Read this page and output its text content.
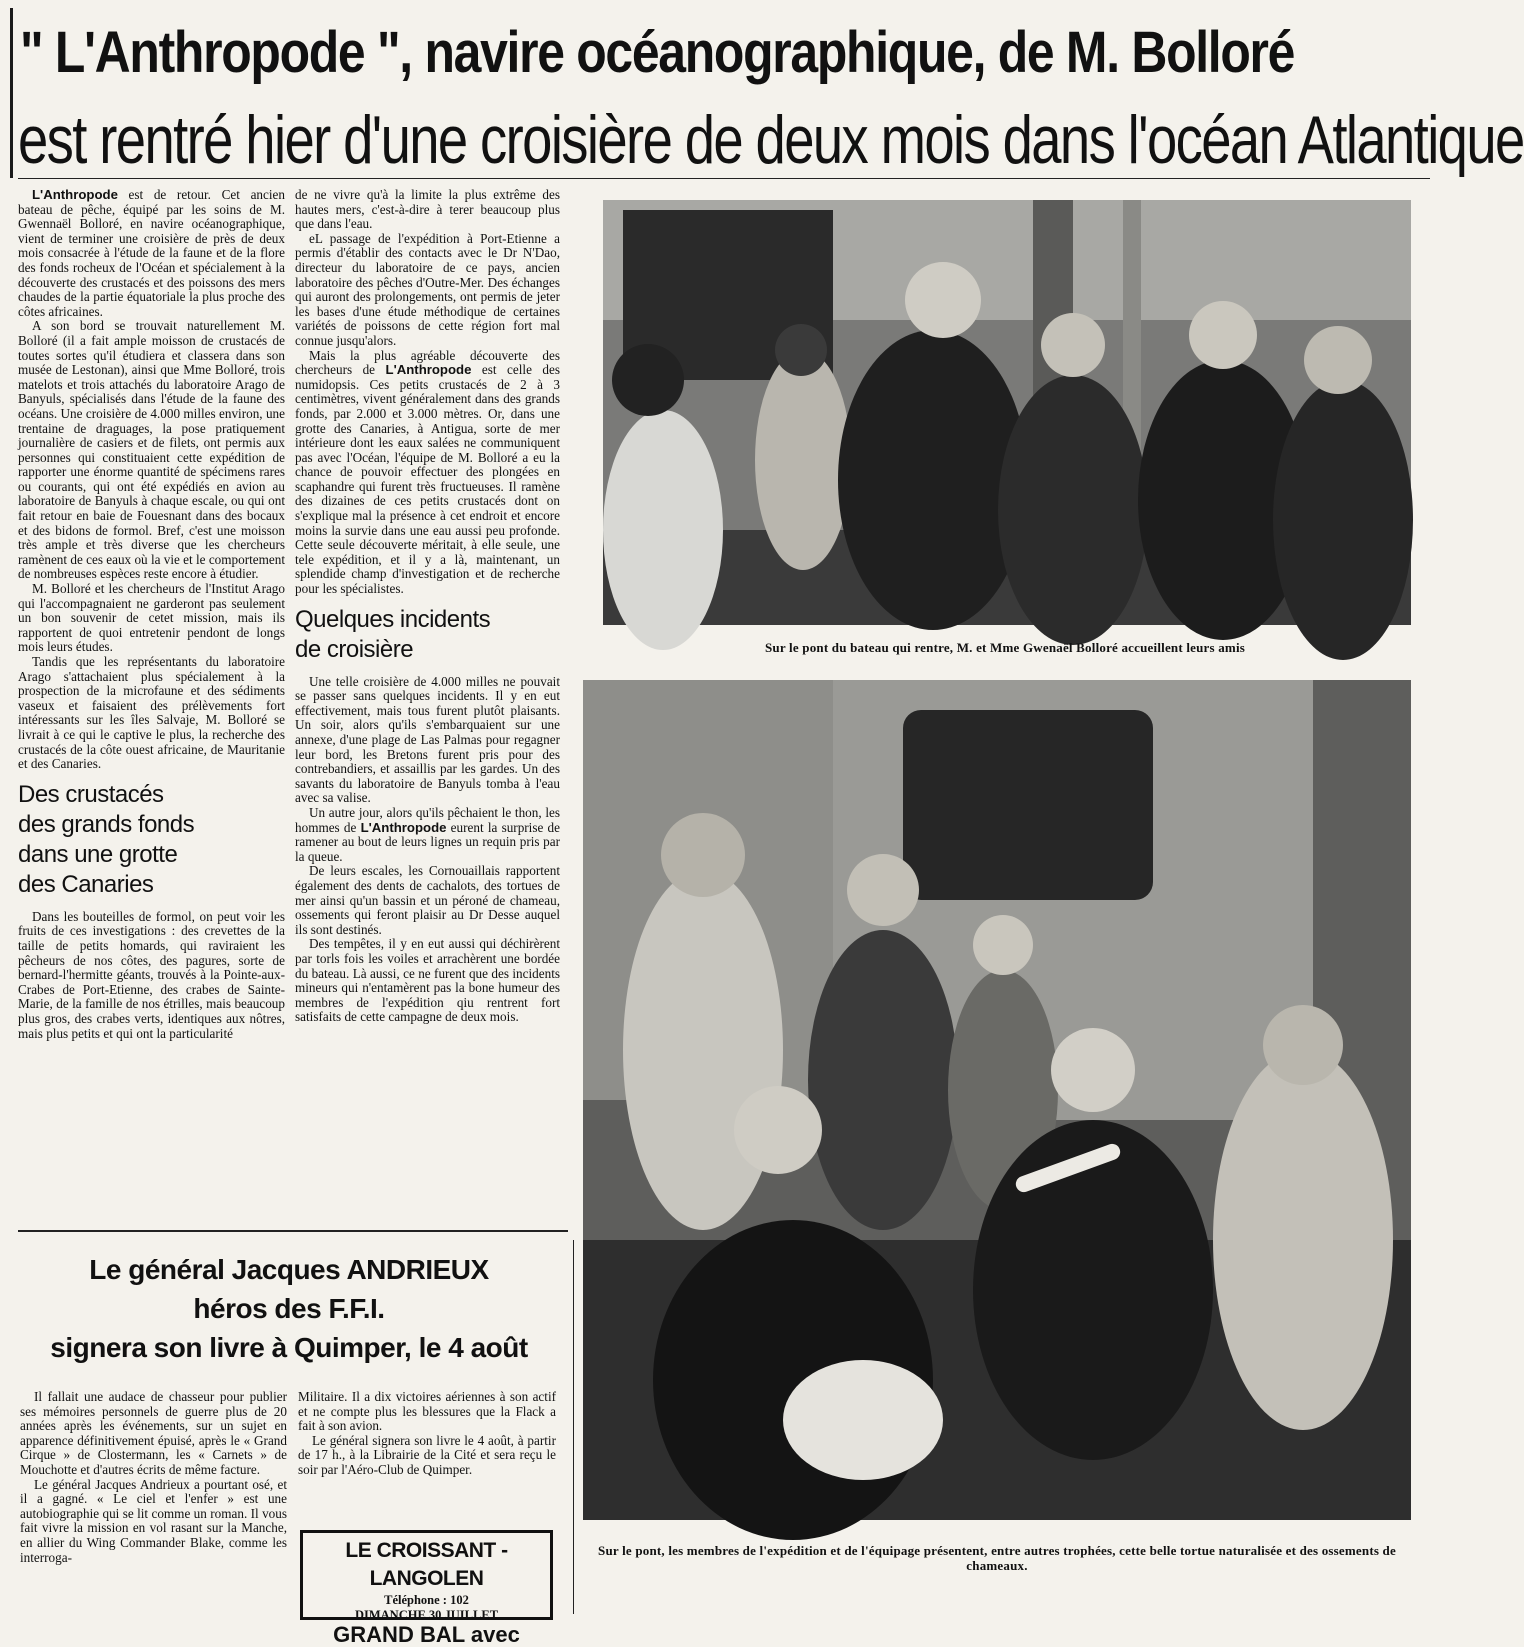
" L'Anthropode ", navire océanographique, de M. Bolloré
est rentré hier d'une croisière de deux mois dans l'océan Atlantique

L'Anthropode est de retour. Cet ancien bateau de pêche, équipé par les soins de M. Gwennaël Bolloré, en navire océanographique, vient de terminer une croisière de près de deux mois consacrée à l'étude de la faune et de la flore des fonds rocheux de l'Océan et spécialement à la découverte des crustacés et des poissons des mers chaudes de la partie équatoriale la plus proche des côtes africaines.

A son bord se trouvait naturellement M. Bolloré (il a fait ample moisson de crustacés de toutes sortes qu'il étudiera et classera dans son musée de Lestonan), ainsi que Mme Bolloré, trois matelots et trois attachés du laboratoire Arago de Banyuls, spécialisés dans l'étude de la faune des océans. Une croisière de 4.000 milles environ, une trentaine de draguages, la pose pratiquement journalière de casiers et de filets, ont permis aux personnes qui constituaient cette expédition de rapporter une énorme quantité de spécimens rares ou courants, qui ont été expédiés en avion au laboratoire de Banyuls à chaque escale, ou qui ont fait retour en baie de Fouesnant dans des bocaux et des bidons de formol. Bref, c'est une moisson très ample et très diverse que les chercheurs ramènent de ces eaux où la vie et le comportement de nombreuses espèces reste encore à étudier.

M. Bolloré et les chercheurs de l'Institut Arago qui l'accompagnaient ne garderont pas seulement un bon souvenir de cetet mission, mais ils rapportent de quoi entretenir pendont de longs mois leurs études.

Tandis que les représentants du laboratoire Arago s'attachaient plus spécialement à la prospection de la microfaune et des sédiments vaseux et faisaient des prélèvements fort intéressants sur les îles Salvaje, M. Bolloré se livrait à ce qui le captive le plus, la recherche des crustacés de la côte ouest africaine, de Mauritanie et des Canaries.

Des crustacés
des grands fonds
dans une grotte
des Canaries

Dans les bouteilles de formol, on peut voir les fruits de ces investigations : des crevettes de la taille de petits homards, qui raviraient les pêcheurs de nos côtes, des pagures, sorte de bernard-l'hermitte géants, trouvés à la Pointe-aux-Crabes de Port-Etienne, des crabes de Sainte-Marie, de la famille de nos étrilles, mais beaucoup plus gros, des crabes verts, identiques aux nôtres, mais plus petits et qui ont la particularité

de ne vivre qu'à la limite la plus extrême des hautes mers, c'est-à-dire à terer beaucoup plus que dans l'eau.

eL passage de l'expédition à Port-Etienne a permis d'établir des contacts avec le Dr N'Dao, directeur du laboratoire de ce pays, ancien laboratoire des pêches d'Outre-Mer. Des échanges qui auront des prolongements, ont permis de jeter les bases d'une étude méthodique de certaines variétés de poissons de cette région fort mal connue jusqu'alors.

Mais la plus agréable découverte des chercheurs de L'Anthropode est celle des numidopsis. Ces petits crustacés de 2 à 3 centimètres, vivent généralement dans des grands fonds, par 2.000 et 3.000 mètres. Or, dans une grotte des Canaries, à Antigua, sorte de mer intérieure dont les eaux salées ne communiquent pas avec l'Océan, l'équipe de M. Bolloré a eu la chance de pouvoir effectuer des plongées en scaphandre qui furent très fructueuses. Il ramène des dizaines de ces petits crustacés dont on s'explique mal la présence à cet endroit et encore moins la survie dans une eau aussi peu profonde. Cette seule découverte méritait, à elle seule, une tele expédition, et il y a là, maintenant, un splendide champ d'investigation et de recherche pour les spécialistes.

Quelques incidents
de croisière

Une telle croisière de 4.000 milles ne pouvait se passer sans quelques incidents. Il y en eut effectivement, mais tous furent plutôt plaisants. Un soir, alors qu'ils s'embarquaient sur une annexe, d'une plage de Las Palmas pour regagner leur bord, les Bretons furent pris pour des contrebandiers, et assaillis par les gardes. Un des savants du laboratoire de Banyuls tomba à l'eau avec sa valise.

Un autre jour, alors qu'ils pêchaient le thon, les hommes de L'Anthropode eurent la surprise de ramener au bout de leurs lignes un requin pris par la queue.

De leurs escales, les Cornouaillais rapportent également des dents de cachalots, des tortues de mer ainsi qu'un bassin et un péroné de chameau, ossements qui feront plaisir au Dr Desse auquel ils sont destinés.

Des tempêtes, il y en eut aussi qui déchirèrent par torls fois les voiles et arrachèrent une bordée du bateau. Là aussi, ce ne furent que des incidents mineurs qui n'entamèrent pas la bone humeur des membres de l'expédition qiu rentrent fort satisfaits de cette campagne de deux mois.

Sur le pont du bateau qui rentre, M. et Mme Gwenaël Bolloré accueillent leurs amis
Sur le pont, les membres de l'expédition et de l'équipage présentent, entre autres trophées, cette belle tortue naturalisée et des ossements de chameaux.
Le général Jacques ANDRIEUX
héros des F.F.I.
signera son livre à Quimper, le 4 août

Il fallait une audace de chasseur pour publier ses mémoires personnels de guerre plus de 20 années après les événements, sur un sujet en apparence définitivement épuisé, après le « Grand Cirque » de Clostermann, les « Carnets » de Mouchotte et d'autres écrits de même facture.

Le général Jacques Andrieux a pourtant osé, et il a gagné. « Le ciel et l'enfer » est une autobiographie qui se lit comme un roman. Il vous fait vivre la mission en vol rasant sur la Manche, en allier du Wing Commander Blake, comme les interroga-

Militaire. Il a dix victoires aériennes à son actif et ne compte plus les blessures que la Flack a fait à son avion.

Le général signera son livre le 4 août, à partir de 17 h., à la Librairie de la Cité et sera reçu le soir par l'Aéro-Club de Quimper.

LE CROISSANT - LANGOLEN
Téléphone : 102
DIMANCHE 30 JUILLET
GRAND BAL avec
